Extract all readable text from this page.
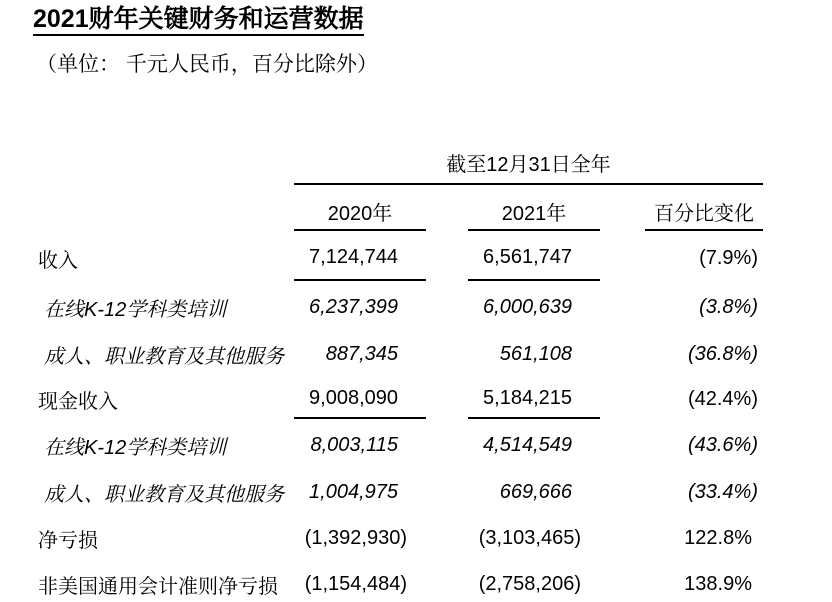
2021财年关键财务和运营数据
（单位： 千元人民币，百分比除外）
截至12月31日全年
2020年	2021年	百分比变化
收入	7,124,744	6,561,747	(7.9%)
在线K-12学科类培训	6,237,399	6,000,639	(3.8%)
成人、职业教育及其他服务	887,345	561,108	(36.8%)
现金收入	9,008,090	5,184,215	(42.4%)
在线K-12学科类培训	8,003,115	4,514,549	(43.6%)
成人、职业教育及其他服务	1,004,975	669,666	(33.4%)
净亏损	(1,392,930)	(3,103,465)	122.8%
非美国通用会计准则净亏损	(1,154,484)	(2,758,206)	138.9%
